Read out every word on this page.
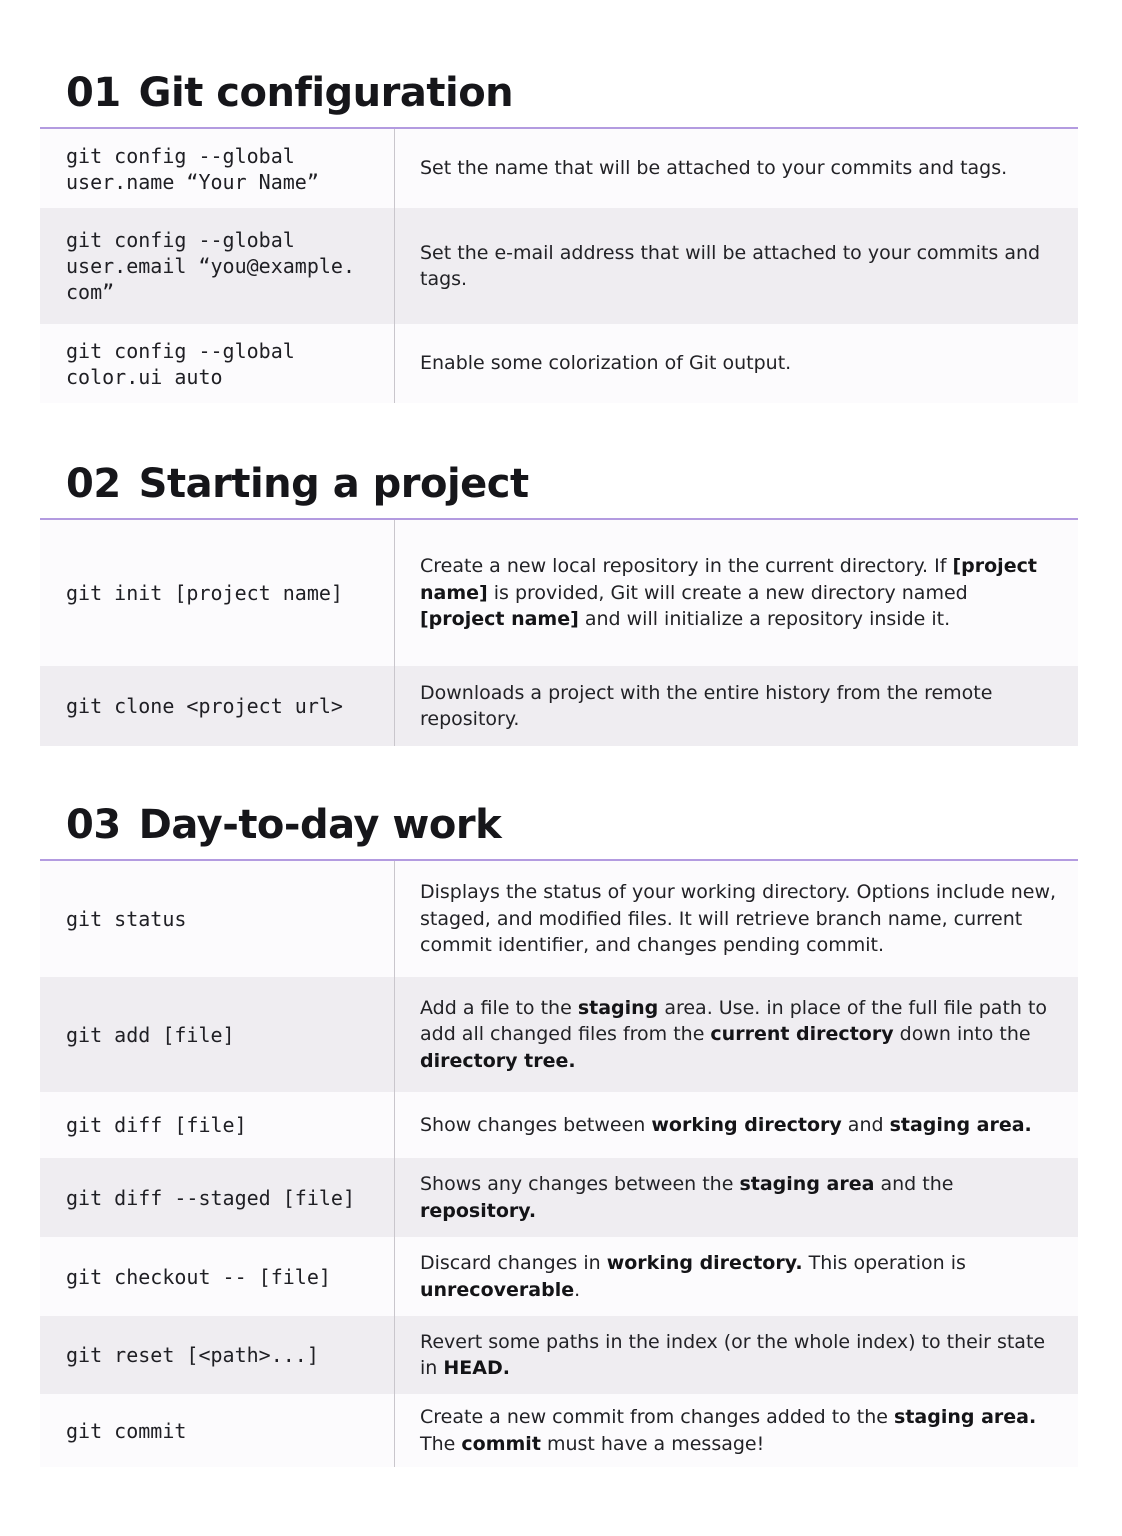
01 Git configuration
git config --global
user.name “Your Name”
Set the name that will be attached to your commits and tags.
git config --global
user.email “you@example.
com”
Set the e-mail address that will be attached to your commits and tags.
git config --global
color.ui auto
Enable some colorization of Git output.
02 Starting a project
git init [project name]
Create a new local repository in the current directory. If [project name] is provided, Git will create a new directory named [project name] and will initialize a repository inside it.
git clone <project url>
Downloads a project with the entire history from the remote repository.
03 Day-to-day work
git status
Displays the status of your working directory. Options include new, staged, and modified files. It will retrieve branch name, current commit identifier, and changes pending commit.
git add [file]
Add a file to the staging area. Use. in place of the full file path to add all changed files from the current directory down into the directory tree.
git diff [file]	Show changes between working directory and staging area.
git diff --staged [file]
Shows any changes between the staging area and the repository.
git checkout -- [file]
Discard changes in working directory. This operation is unrecoverable.
git reset [<path>...]
Revert some paths in the index (or the whole index) to their state in HEAD.
git commit
Create a new commit from changes added to the staging area. The commit must have a message!
